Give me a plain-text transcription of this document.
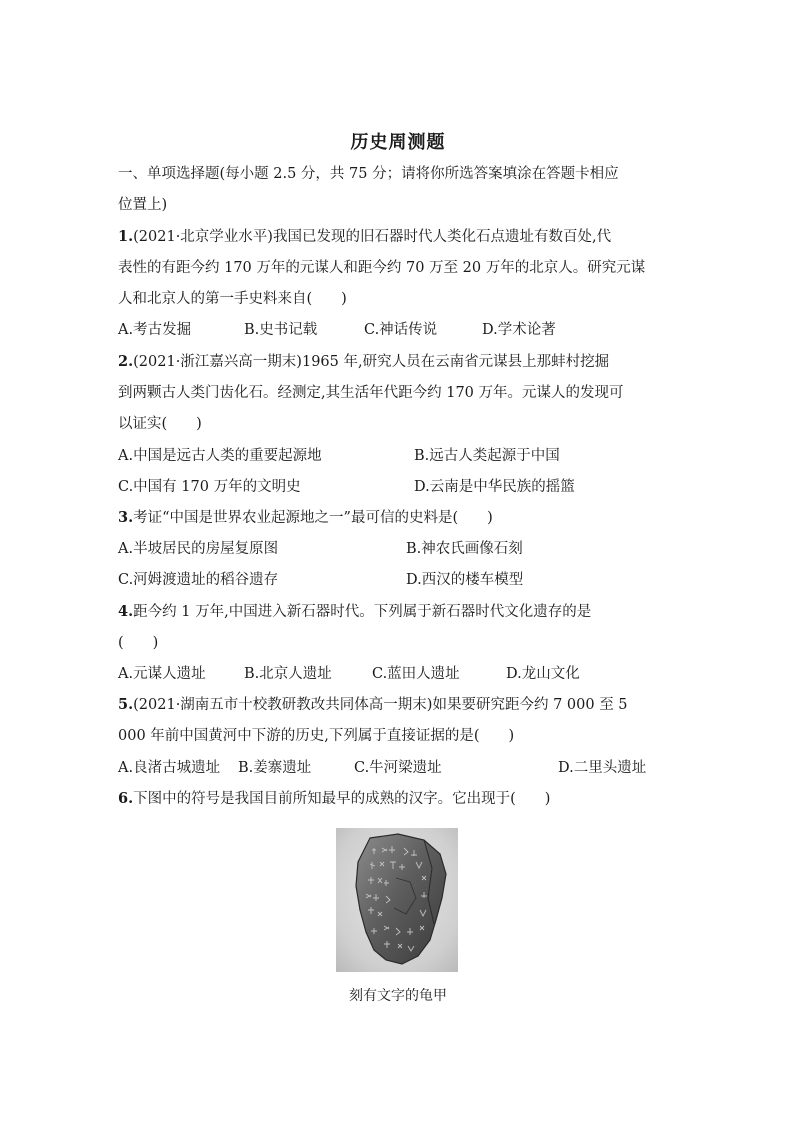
历史周测题
一、单项选择题(每小题 2.5 分，共 75 分；请将你所选答案填涂在答题卡相应
位置上)
1.(2021·北京学业水平)我国已发现的旧石器时代人类化石点遗址有数百处,代
表性的有距今约 170 万年的元谋人和距今约 70 万至 20 万年的北京人。研究元谋
人和北京人的第一手史料来自(　　)
A.考古发掘	B.史书记载	C.神话传说	D.学术论著
2.(2021·浙江嘉兴高一期末)1965 年,研究人员在云南省元谋县上那蚌村挖掘
到两颗古人类门齿化石。经测定,其生活年代距今约 170 万年。元谋人的发现可
以证实(　　)
A.中国是远古人类的重要起源地	B.远古人类起源于中国
C.中国有 170 万年的文明史	D.云南是中华民族的摇篮
3.考证“中国是世界农业起源地之一”最可信的史料是(　　)
A.半坡居民的房屋复原图	B.神农氏画像石刻
C.河姆渡遗址的稻谷遗存	D.西汉的楼车模型
4.距今约 1 万年,中国进入新石器时代。下列属于新石器时代文化遗存的是
(　　)
A.元谋人遗址	B.北京人遗址	C.蓝田人遗址	D.龙山文化
5.(2021·湖南五市十校教研教改共同体高一期末)如果要研究距今约 7 000 至 5
000 年前中国黄河中下游的历史,下列属于直接证据的是(　　)
A.良渚古城遗址 B.姜寨遗址	C.牛河梁遗址	D.二里头遗址
6.下图中的符号是我国目前所知最早的成熟的汉字。它出现于(　　)
刻有文字的龟甲
